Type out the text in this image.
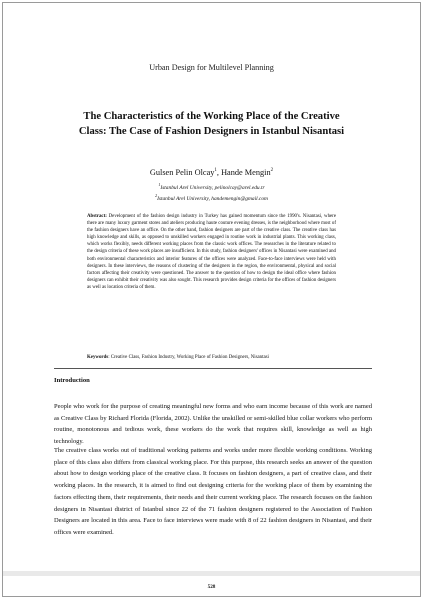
Urban Design for Multilevel Planning
The Characteristics of the Working Place of the Creative Class: The Case of Fashion Designers in Istanbul Nisantasi
Gulsen Pelin Olcay$^1$, Hande Mengin$^2$
$^1$Istanbul Arel University, pelinolcay@arel.edu.tr
$^2$Istanbul Arel University, handemengin@gmail.com
Abstract: Development of the fashion design industry in Turkey has gained momentum since the 1990's. Nisantasi, where there are many luxury garment stores and ateliers producing haute couture evening dresses, is the neighborhood where most of the fashion designers have an office. On the other hand, fashion designers are part of the creative class. The creative class has high knowledge and skills, as opposed to unskilled workers engaged in routine work in industrial plants. This working class, which works flexibly, needs different working places from the classic work offices. The researches in the literature related to the design criteria of these work places are insufficient. In this study, fashion designers' offices in Nisantasi were examined and both environmental characteristics and interior features of the offices were analyzed. Face-to-face interviews were held with designers. In these interviews, the reasons of clustering of the designers in the region, the environmental, physical and social factors affecting their creativity were questioned. The answer to the question of how to design the ideal office where fashion designers can exhibit their creativity was also sought. This research provides design criteria for the offices of fashion designers as well as location criteria of them.
Keywords: Creative Class, Fashion Industry, Working Place of Fashion Designers, Nisantasi
Introduction

People who work for the purpose of creating meaningful new forms and who earn income because of this work are named as Creative Class by Richard Florida (Florida, 2002). Unlike the unskilled or semi-skilled blue collar workers who perform routine, monotonous and tedious work, these workers do the work that requires skill, knowledge as well as high technology.

The creative class works out of traditional working patterns and works under more flexible working conditions. Working place of this class also differs from classical working place. For this purpose, this research seeks an answer of the question about how to design working place of the creative class. It focuses on fashion designers, a part of creative class, and their working places. In the research, it is aimed to find out designing criteria for the working place of them by examining the factors effecting them, their requirements, their needs and their current working place. The research focuses on the fashion designers in Nisantasi district of Istanbul since 22 of the 71 fashion designers registered to the Association of Fashion Designers are located in this area. Face to face interviews were made with 8 of 22 fashion designers in Nisantasi, and their offices were examined.

528
